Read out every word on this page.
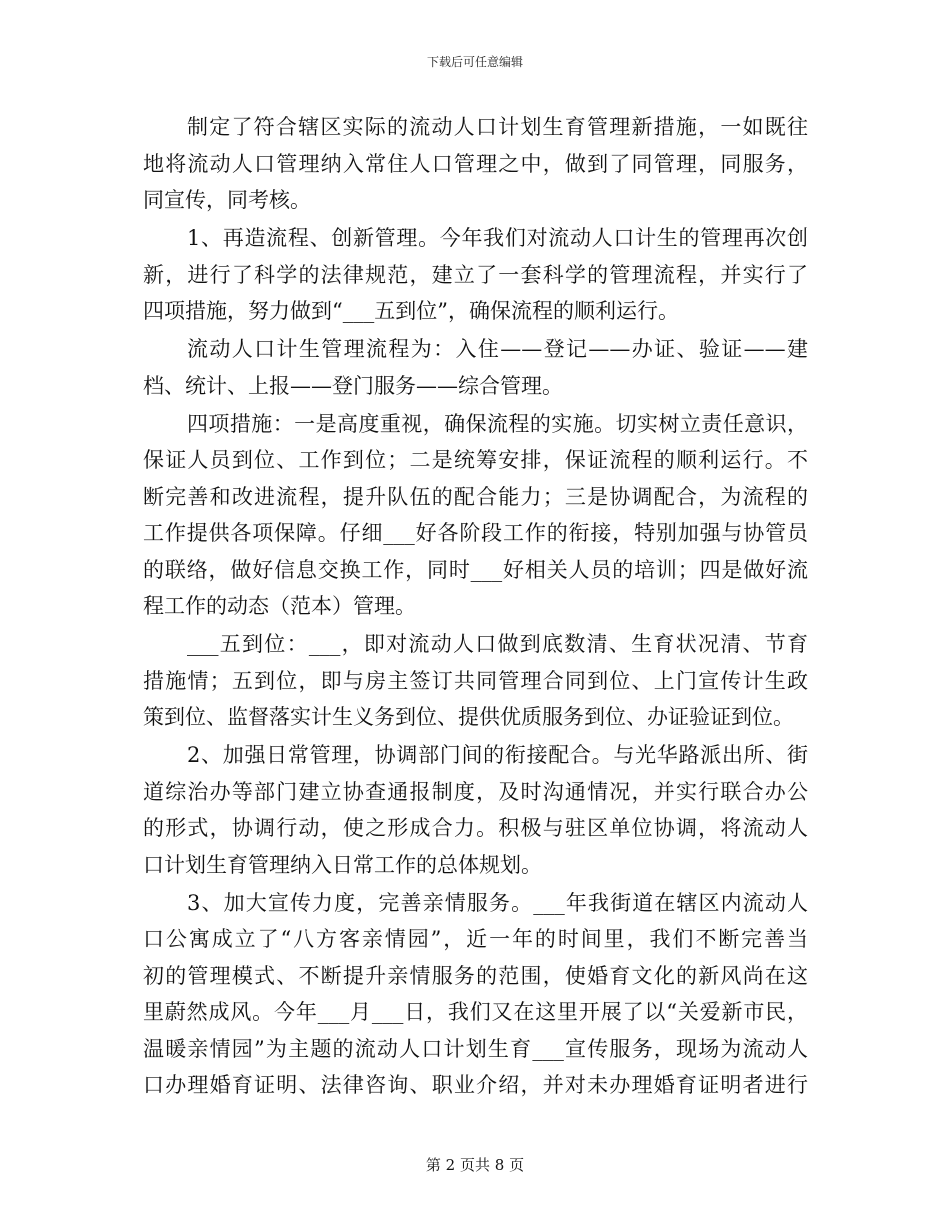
下载后可任意编辑
制定了符合辖区实际的流动人口计划生育管理新措施，一如既往
地将流动人口管理纳入常住人口管理之中，做到了同管理，同服务，
同宣传，同考核。
1、再造流程、创新管理。今年我们对流动人口计生的管理再次创
新，进行了科学的法律规范，建立了一套科学的管理流程，并实行了
四项措施，努力做到“___五到位”，确保流程的顺利运行。
流动人口计生管理流程为：入住——登记——办证、验证——建
档、统计、上报——登门服务——综合管理。
四项措施：一是高度重视，确保流程的实施。切实树立责任意识，
保证人员到位、工作到位；二是统筹安排，保证流程的顺利运行。不
断完善和改进流程，提升队伍的配合能力；三是协调配合，为流程的
工作提供各项保障。仔细___好各阶段工作的衔接，特别加强与协管员
的联络，做好信息交换工作，同时___好相关人员的培训；四是做好流
程工作的动态（范本）管理。
___五到位：___，即对流动人口做到底数清、生育状况清、节育
措施情；五到位，即与房主签订共同管理合同到位、上门宣传计生政
策到位、监督落实计生义务到位、提供优质服务到位、办证验证到位。
2、加强日常管理，协调部门间的衔接配合。与光华路派出所、街
道综治办等部门建立协查通报制度，及时沟通情况，并实行联合办公
的形式，协调行动，使之形成合力。积极与驻区单位协调，将流动人
口计划生育管理纳入日常工作的总体规划。
3、加大宣传力度，完善亲情服务。___年我街道在辖区内流动人
口公寓成立了“八方客亲情园”，近一年的时间里，我们不断完善当
初的管理模式、不断提升亲情服务的范围，使婚育文化的新风尚在这
里蔚然成风。今年___月___日，我们又在这里开展了以“关爱新市民，
温暖亲情园”为主题的流动人口计划生育___宣传服务，现场为流动人
口办理婚育证明、法律咨询、职业介绍，并对未办理婚育证明者进行
第 2 页共 8 页
